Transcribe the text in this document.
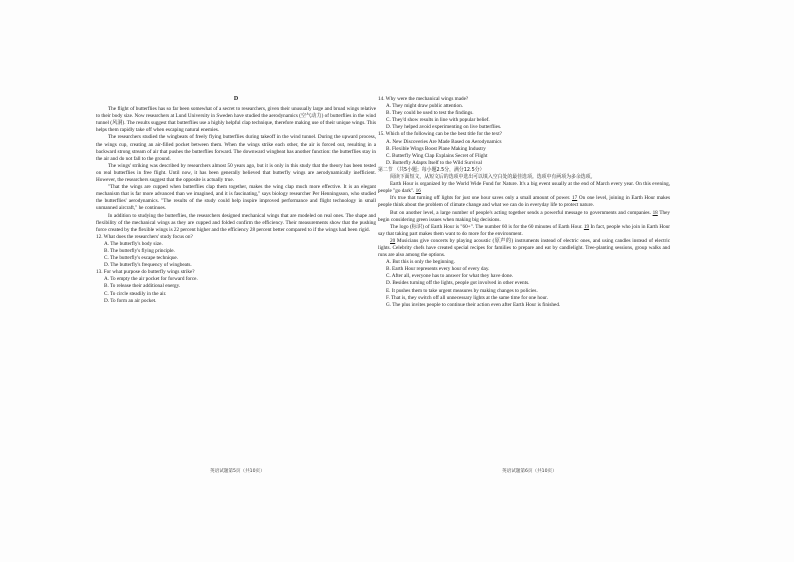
D

The flight of butterflies has so far been somewhat of a secret to researchers, given their unusually large and broad wings relative to their body size. Now researchers at Lund University in Sweden have studied the aerodynamics (空气动力) of butterflies in the wind tunnel (风洞). The results suggest that butterflies use a highly helpful clap technique, therefore making use of their unique wings. This helps them rapidly take off when escaping natural enemies.

The researchers studied the wingbeats of freely flying butterflies during takeoff in the wind tunnel. During the upward process, the wings cup, creating an air-filled pocket between them. When the wings strike each other, the air is forced out, resulting in a backward strong stream of air that pushes the butterflies forward. The downward wingbeat has another function: the butterflies stay in the air and do not fall to the ground.

The wings' striking was described by researchers almost 50 years ago, but it is only in this study that the theory has been tested on real butterflies in free flight. Until now, it has been generally believed that butterfly wings are aerodynamically inefficient. However, the researchers suggest that the opposite is actually true.

"That the wings are cupped when butterflies clap them together, makes the wing clap much more effective. It is an elegant mechanism that is far more advanced than we imagined, and it is fascinating," says biology researcher Per Henningsson, who studied the butterflies' aerodynamics. "The results of the study could help inspire improved performance and flight technology in small unmanned aircraft," he continues.

In addition to studying the butterflies, the researchers designed mechanical wings that are modeled on real ones. The shape and flexibility of the mechanical wings as they are cupped and folded confirm the efficiency. Their measurements show that the pushing force created by the flexible wings is 22 percent higher and the efficiency 28 percent better compared to if the wings had been rigid.

12. What does the researchers' study focus on?
A. The butterfly's body size.
B. The butterfly's flying principle.
C. The butterfly's escape technique.
D. The butterfly's frequency of wingbeats.
13. For what purpose do butterfly wings strike?
A. To empty the air pocket for forward force.
B. To release their additional energy.
C. To circle steadily in the air.
D. To form an air pocket.
14. Why were the mechanical wings made?
A. They might draw public attention.
B. They could be used to test the findings.
C. They'd show results in line with popular belief.
D. They helped avoid experimenting on live butterflies.
15. Which of the following can be the best title for the text?
A. New Discoveries Are Made Based on Aerodynamics
B. Flexible Wings Boost Plane Making Industry
C. Butterfly Wing Clap Explains Secret of Flight
D. Butterfly Adapts Itself to the Wild Survival
第二节 （共5小题；每小题2.5分，满分12.5分）
阅读下面短文，从短文后的选项中选出可以填入空白处的最佳选项。选项中有两项为多余选项。

Earth Hour is organized by the World Wide Fund for Nature. It's a big event usually at the end of March every year. On this evening, people "go dark". 16

It's true that turning off lights for just one hour saves only a small amount of power. 17 On one level, joining in Earth Hour makes people think about the problem of climate change and what we can do in everyday life to protect nature.

But on another level, a large number of people's acting together sends a powerful message to governments and companies. 18 They begin considering green issues when making big decisions.

The logo (标识) of Earth Hour is "60+". The number 60 is for the 60 minutes of Earth Hour. 19 In fact, people who join in Earth Hour say that taking part makes them want to do more for the environment.

20 Musicians give concerts by playing acoustic (原声的) instruments instead of electric ones, and using candles instead of electric lights. Celebrity chefs have created special recipes for families to prepare and eat by candlelight. Tree-planting sessions, group walks and runs are also among the options.

A. But this is only the beginning.
B. Earth Hour represents every hour of every day.
C. After all, everyone has to answer for what they have done.
D. Besides turning off the lights, people got involved in other events.
E. It pushes them to take urgent measures by making changes to policies.
F. That is, they switch off all unnecessary lights at the same time for one hour.
G. The plus invites people to continue their action even after Earth Hour is finished.
英语试题第5页（共10页）	英语试题第6页（共10页）
